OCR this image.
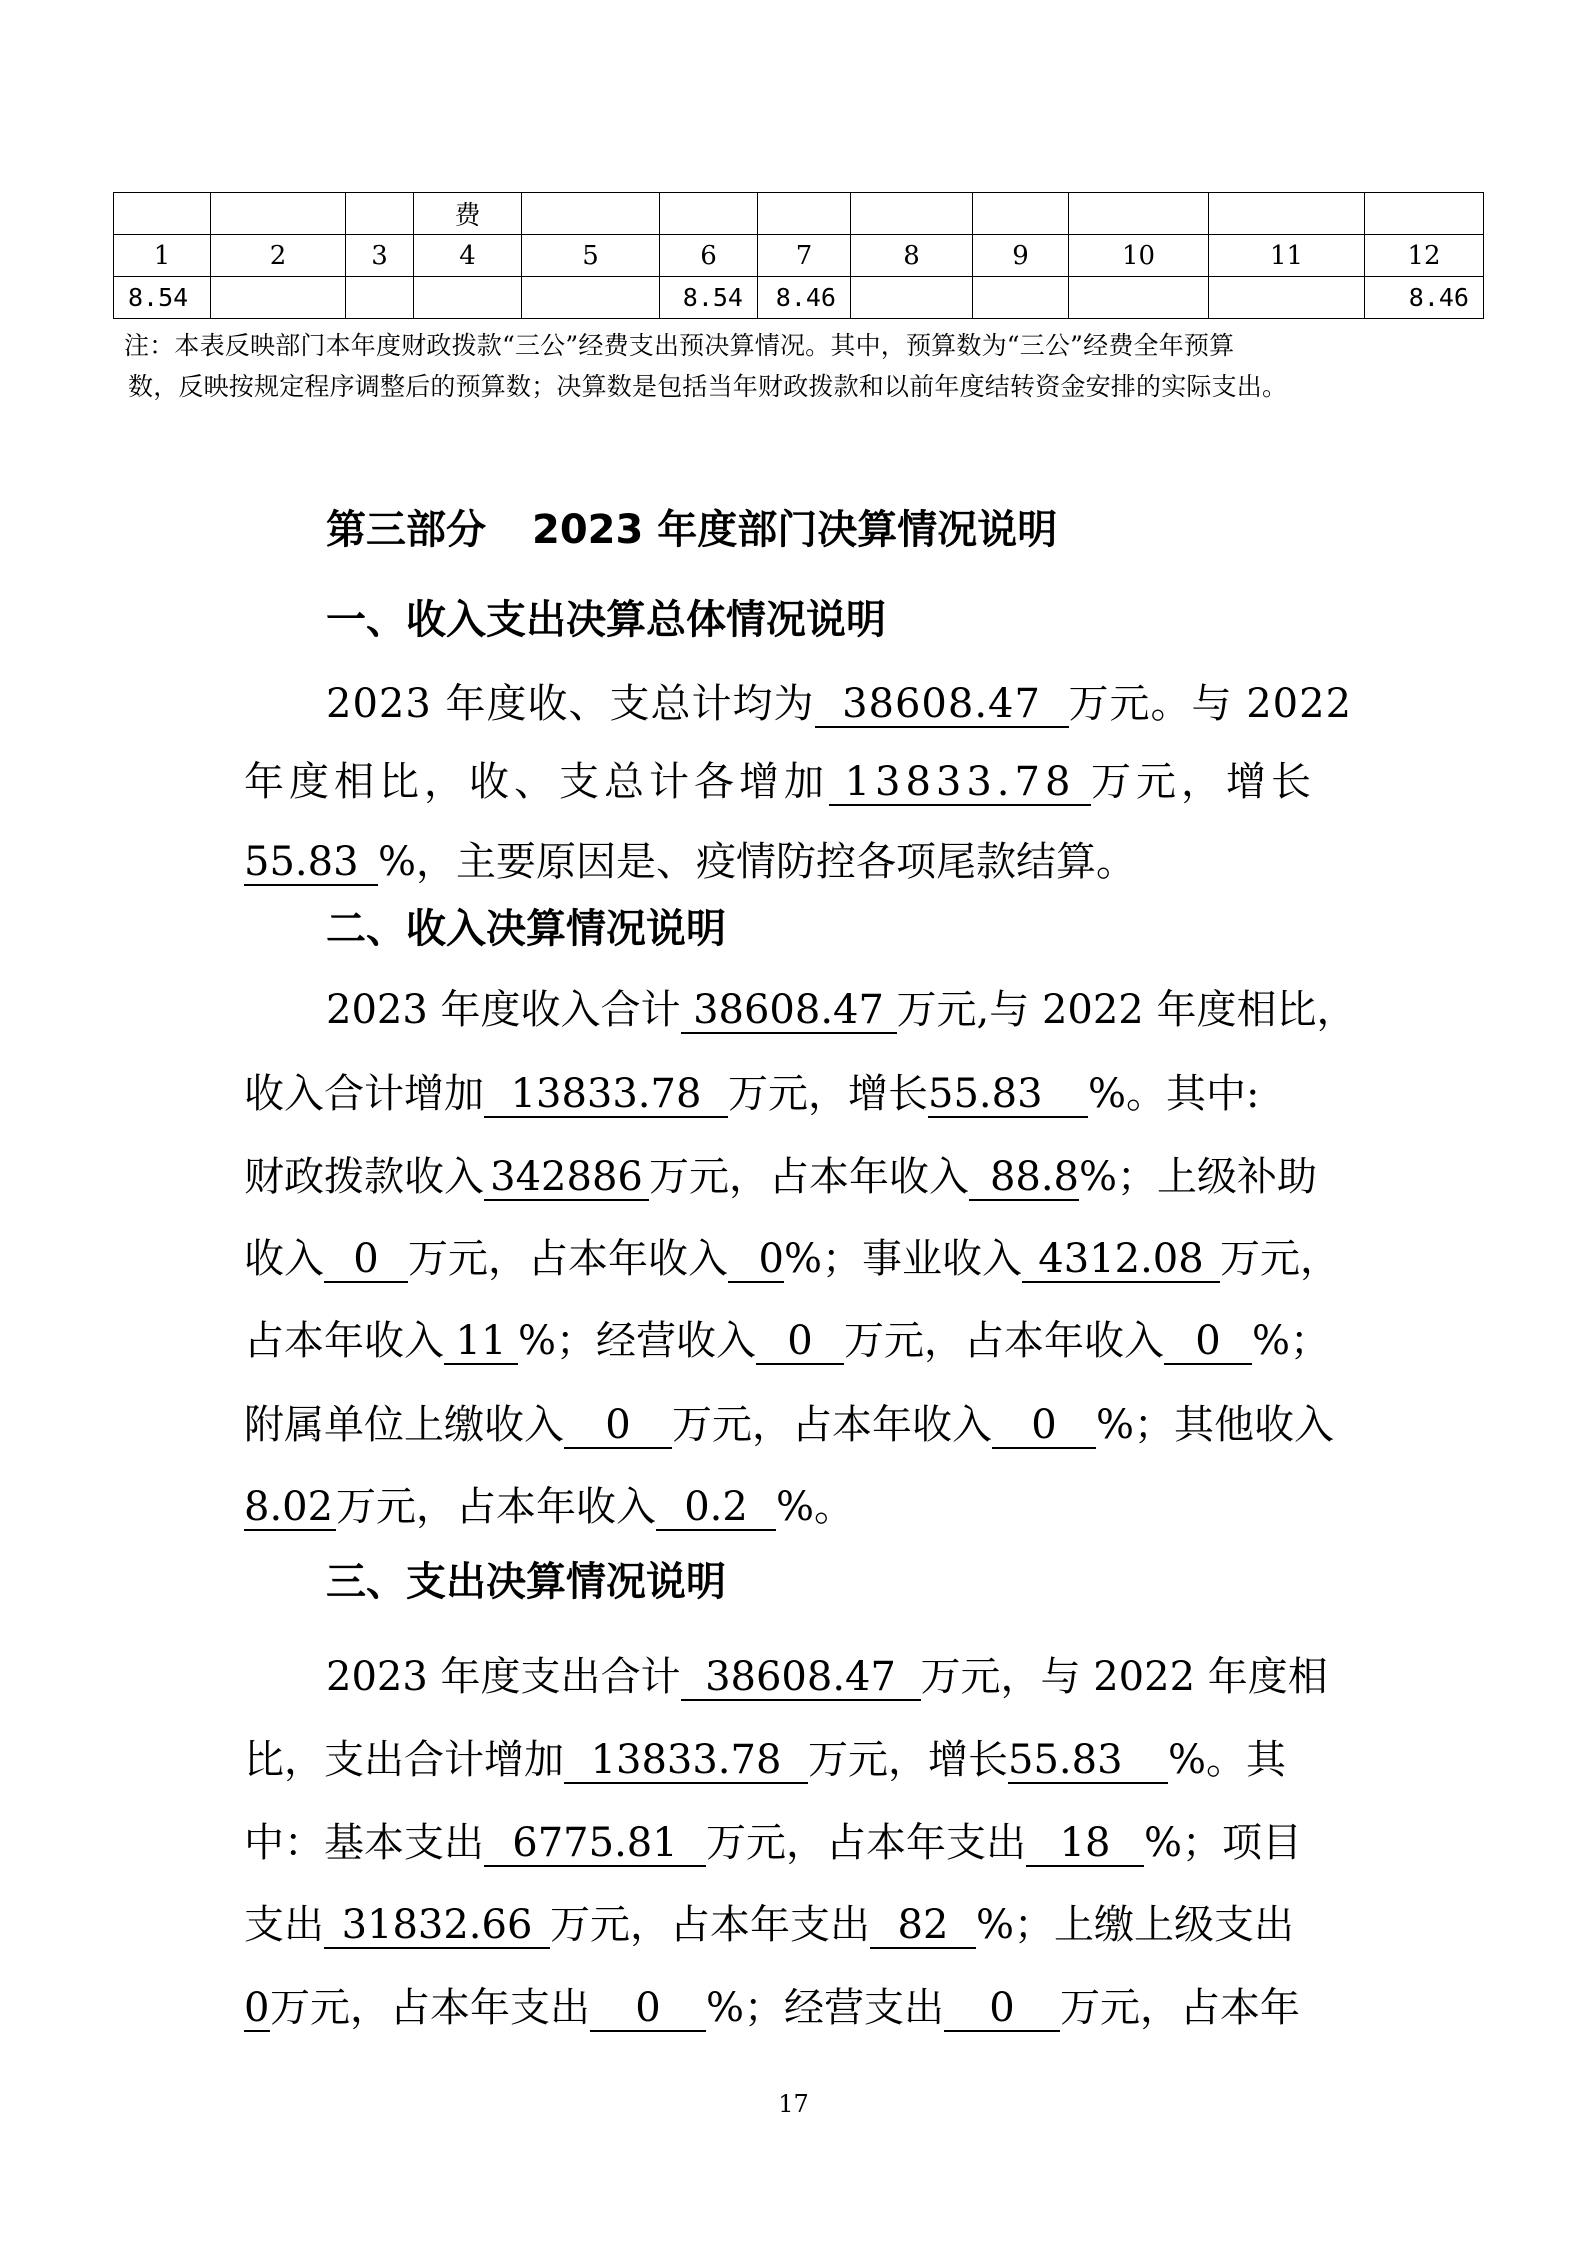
			费								
1	2	3	4	5	6	7	8	9	10	11	12
8.54					8.54	8.46					8.46

注：本表反映部门本年度财政拨款“三公”经费支出预决算情况。其中，预算数为“三公”经费全年预算

数，反映按规定程序调整后的预算数；决算数是包括当年财政拨款和以前年度结转资金安排的实际支出。

第三部分 2023 年度部门决算情况说明
一、收入支出决算总体情况说明
2023 年度收、支总计均为 38608.47 万元。与 2022
年度相比，收、支总计各增加 13833.78 万元，增长
55.83 %，主要原因是、疫情防控各项尾款结算。
二、收入决算情况说明
2023 年度收入合计 38608.47 万元,与 2022 年度相比，
收入合计增加 13833.78 万元，增长55.83 %。其中:
财政拨款收入 342886 万元，占本年收入 88.8%；上级补助
收入 0 万元，占本年收入 0%；事业收入 4312.08 万元，
占本年收入 11 %；经营收入 0 万元，占本年收入 0 %；
附属单位上缴收入 0 万元，占本年收入 0 %；其他收入
8.02万元，占本年收入 0.2 %。
三、支出决算情况说明
2023 年度支出合计 38608.47 万元，与 2022 年度相
比，支出合计增加 13833.78 万元，增长55.83 %。其
中：基本支出 6775.81 万元，占本年支出 18 %；项目
支出 31832.66 万元，占本年支出 82 %；上缴上级支出
0万元，占本年支出 0 %；经营支出 0 万元，占本年
17
